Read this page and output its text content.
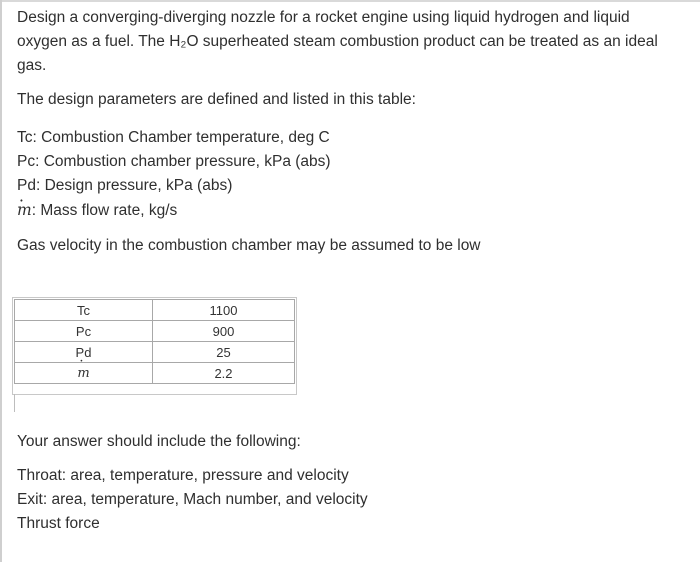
Design a converging-diverging nozzle for a rocket engine using liquid hydrogen and liquid
oxygen as a fuel. The H₂O superheated steam combustion product can be treated as an ideal
gas.
The design parameters are defined and listed in this table:
Tc: Combustion Chamber temperature, deg C
Pc: Combustion chamber pressure, kPa (abs)
Pd: Design pressure, kPa (abs)
m ·: Mass flow rate, kg/s
Gas velocity in the combustion chamber may be assumed to be low
Tc	1100
Pc	900
Pd	25
m ·	2.2
Your answer should include the following:
Throat: area, temperature, pressure and velocity
Exit: area, temperature, Mach number, and velocity
Thrust force
